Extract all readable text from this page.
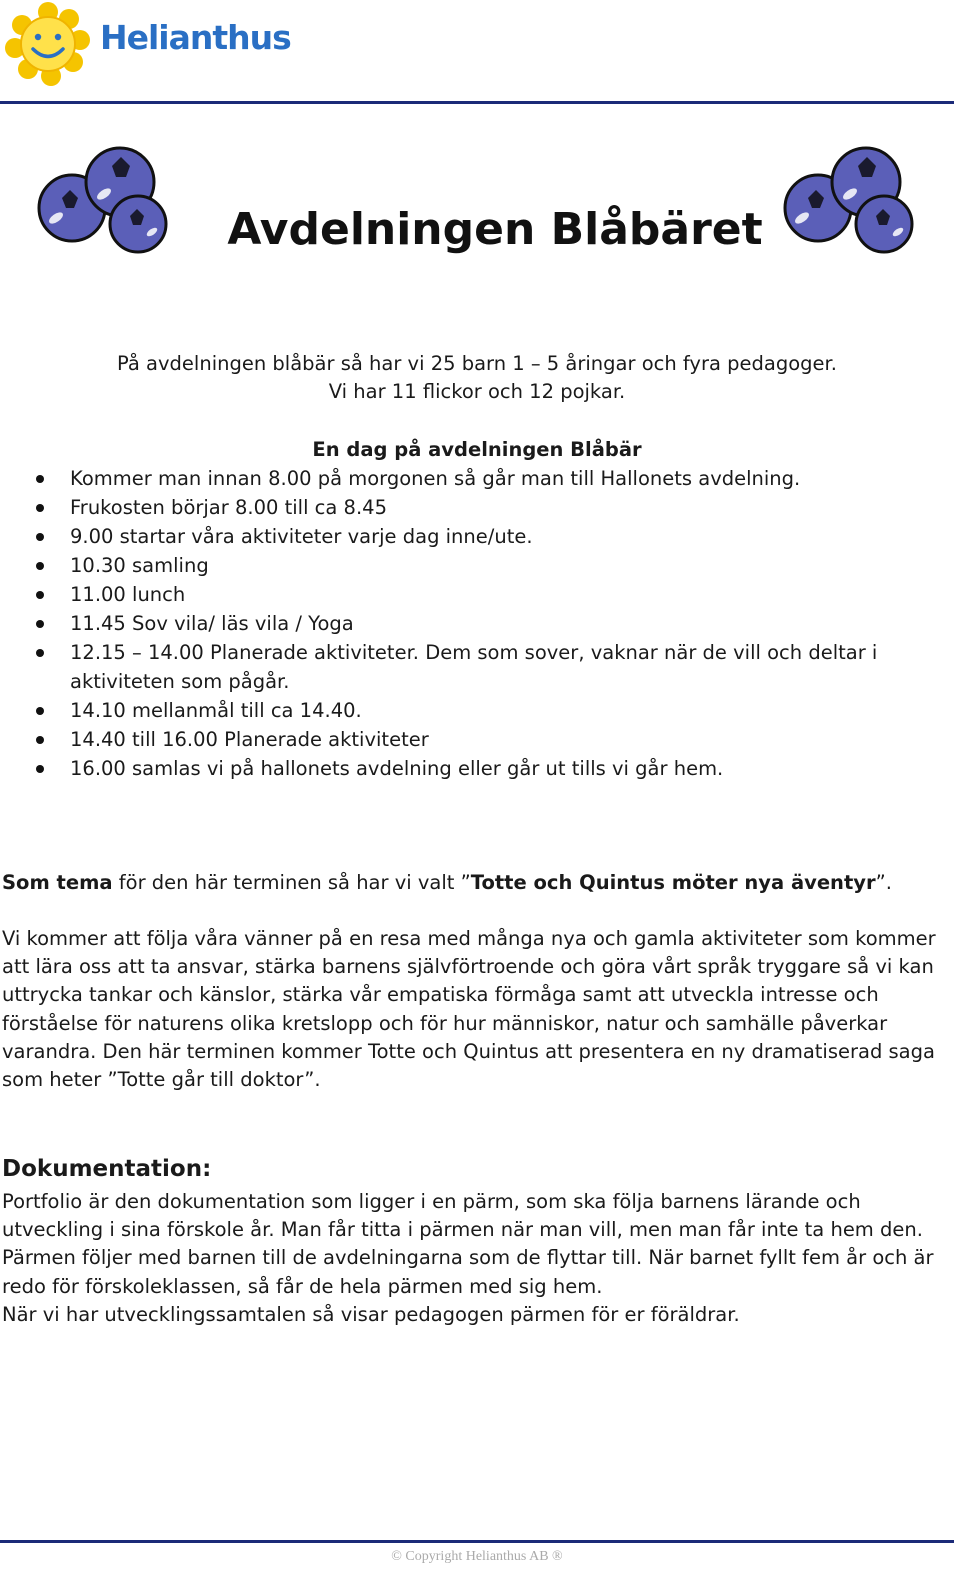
Helianthus
Avdelningen Blåbäret

På avdelningen blåbär så har vi 25 barn 1 – 5 åringar och fyra pedagoger.

Vi har 11 flickor och 12 pojkar.

En dag på avdelningen Blåbär
Kommer man innan 8.00 på morgonen så går man till Hallonets avdelning.
Frukosten börjar 8.00 till ca 8.45
9.00 startar våra aktiviteter varje dag inne/ute.
10.30 samling
11.00 lunch
11.45 Sov vila/ läs vila / Yoga
12.15 – 14.00 Planerade aktiviteter. Dem som sover, vaknar när de vill och deltar i aktiviteten som pågår.
14.10 mellanmål till ca 14.40.
14.40 till 16.00 Planerade aktiviteter
16.00 samlas vi på hallonets avdelning eller går ut tills vi går hem.
Som tema för den här terminen så har vi valt ”Totte och Quintus möter nya äventyr”.
Vi kommer att följa våra vänner på en resa med många nya och gamla aktiviteter som kommer att lära oss att ta ansvar, stärka barnens självförtroende och göra vårt språk tryggare så vi kan uttrycka tankar och känslor, stärka vår empatiska förmåga samt att utveckla intresse och förståelse för naturens olika kretslopp och för hur människor, natur och samhälle påverkar varandra. Den här terminen kommer Totte och Quintus att presentera en ny dramatiserad saga som heter ”Totte går till doktor”.
Dokumentation:

Portfolio är den dokumentation som ligger i en pärm, som ska följa barnens lärande och utveckling i sina förskole år. Man får titta i pärmen när man vill, men man får inte ta hem den. Pärmen följer med barnen till de avdelningarna som de flyttar till. När barnet fyllt fem år och är redo för förskoleklassen, så får de hela pärmen med sig hem.

När vi har utvecklingssamtalen så visar pedagogen pärmen för er föräldrar.

© Copyright Helianthus AB ®
